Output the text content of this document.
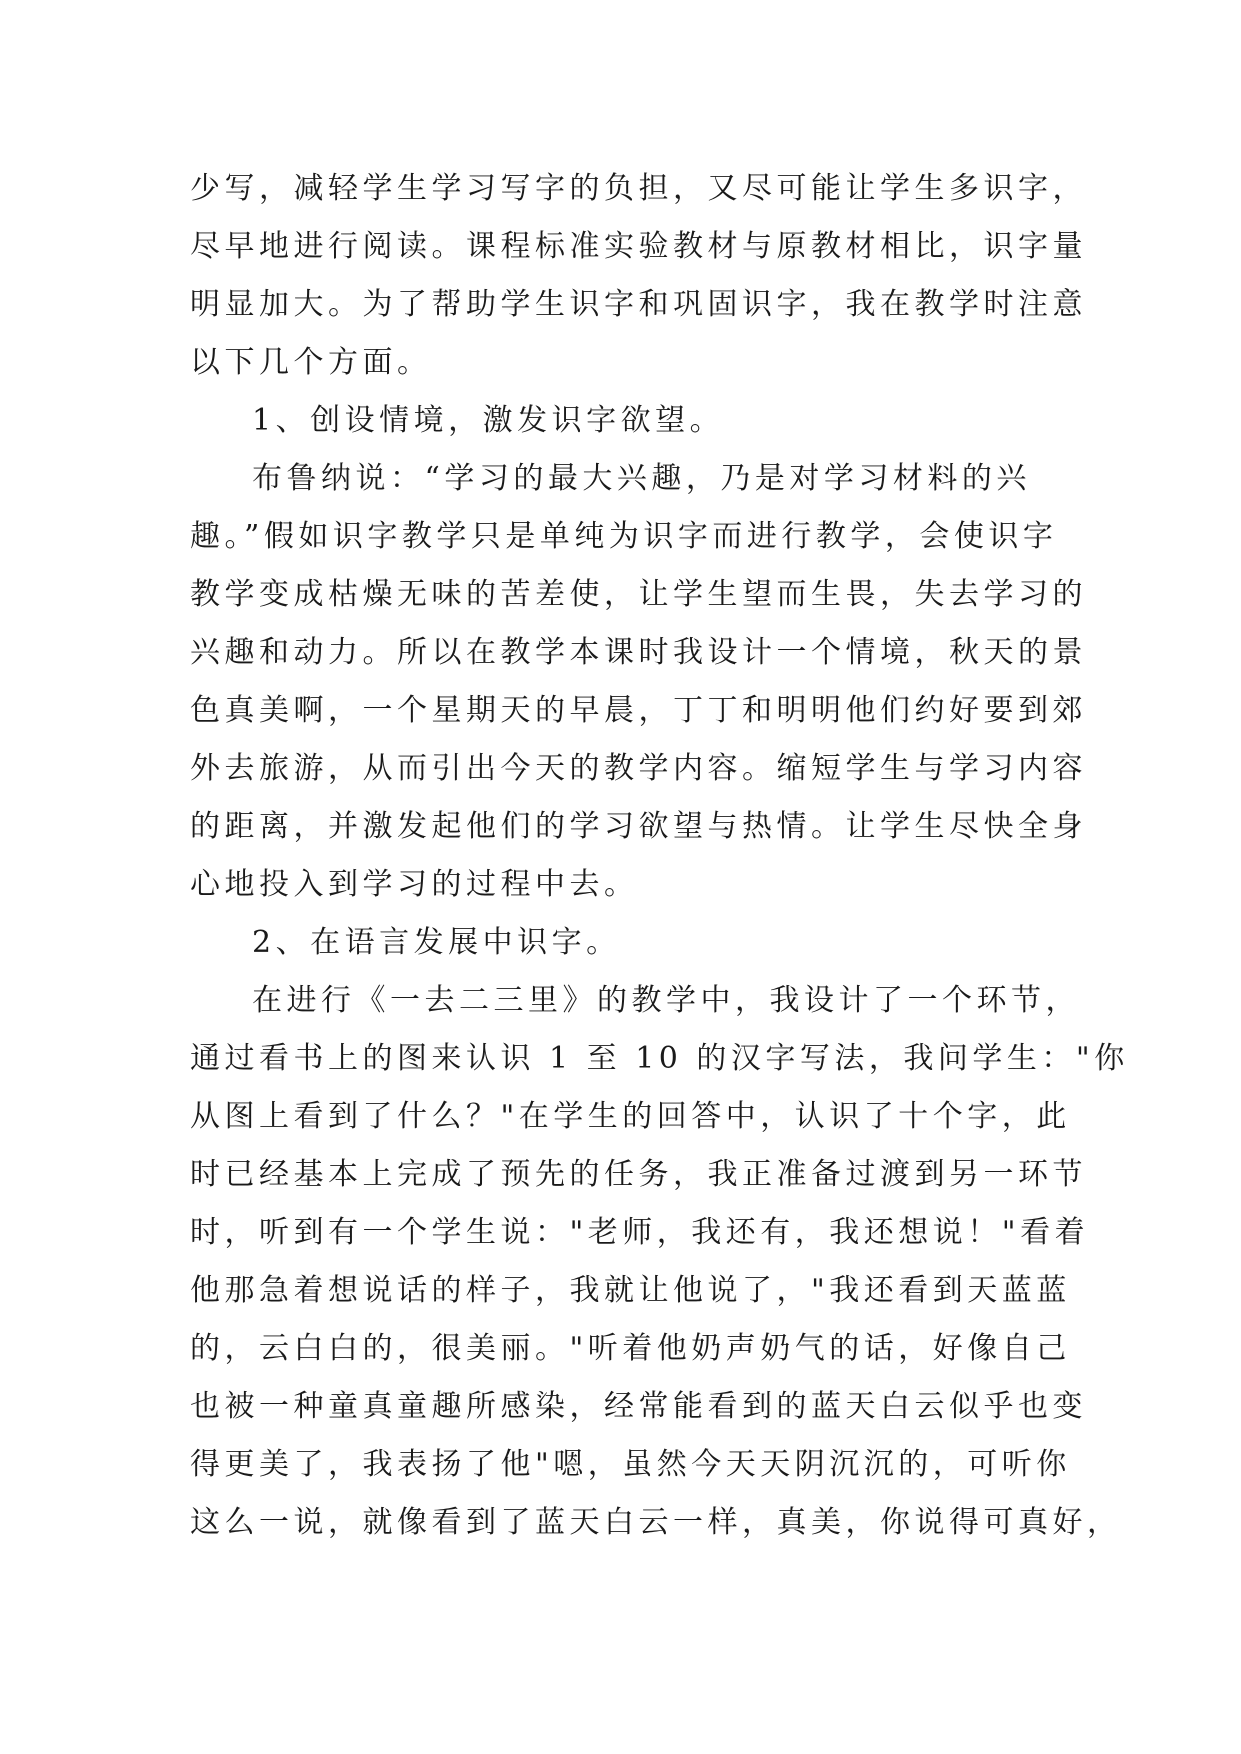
少写，减轻学生学习写字的负担，又尽可能让学生多识字，
尽早地进行阅读。课程标准实验教材与原教材相比，识字量
明显加大。为了帮助学生识字和巩固识字，我在教学时注意
以下几个方面。
1、创设情境，激发识字欲望。
布鲁纳说：“学习的最大兴趣，乃是对学习材料的兴
趣。”假如识字教学只是单纯为识字而进行教学，会使识字
教学变成枯燥无味的苦差使，让学生望而生畏，失去学习的
兴趣和动力。所以在教学本课时我设计一个情境，秋天的景
色真美啊，一个星期天的早晨，丁丁和明明他们约好要到郊
外去旅游，从而引出今天的教学内容。缩短学生与学习内容
的距离，并激发起他们的学习欲望与热情。让学生尽快全身
心地投入到学习的过程中去。
2、在语言发展中识字。
在进行《一去二三里》的教学中，我设计了一个环节，
通过看书上的图来认识 1 至 10 的汉字写法，我问学生："你
从图上看到了什么？"在学生的回答中，认识了十个字，此
时已经基本上完成了预先的任务，我正准备过渡到另一环节
时，听到有一个学生说："老师，我还有，我还想说！"看着
他那急着想说话的样子，我就让他说了，"我还看到天蓝蓝
的，云白白的，很美丽。"听着他奶声奶气的话，好像自己
也被一种童真童趣所感染，经常能看到的蓝天白云似乎也变
得更美了，我表扬了他"嗯，虽然今天天阴沉沉的，可听你
这么一说，就像看到了蓝天白云一样，真美，你说得可真好，
